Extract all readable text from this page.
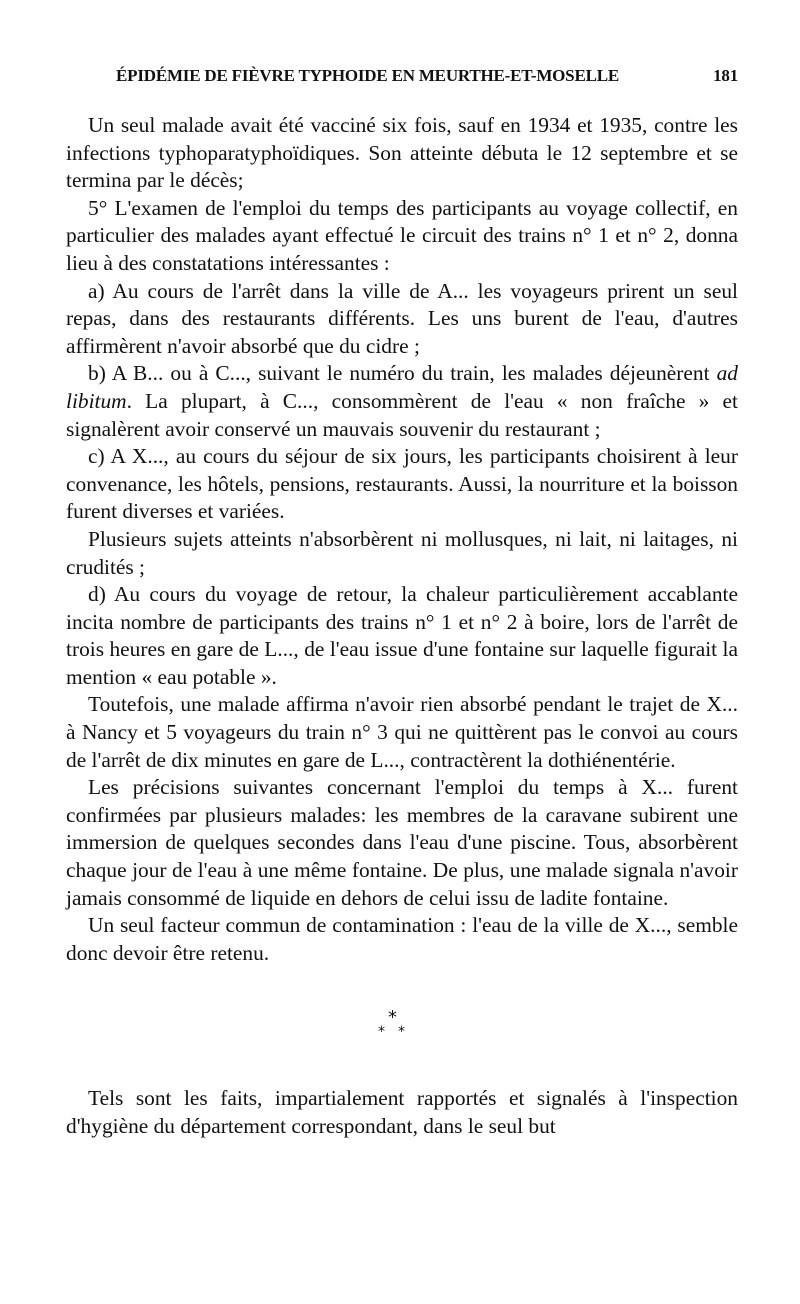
ÉPIDÉMIE DE FIÈVRE TYPHOIDE EN MEURTHE-ET-MOSELLE	181

Un seul malade avait été vacciné six fois, sauf en 1934 et 1935, contre les infections typhoparatyphoïdiques. Son atteinte débuta le 12 septembre et se termina par le décès;

5° L'examen de l'emploi du temps des participants au voyage collectif, en particulier des malades ayant effectué le circuit des trains n° 1 et n° 2, donna lieu à des constatations intéressantes :

a) Au cours de l'arrêt dans la ville de A... les voyageurs prirent un seul repas, dans des restaurants différents. Les uns burent de l'eau, d'autres affirmèrent n'avoir absorbé que du cidre ;

b) A B... ou à C..., suivant le numéro du train, les malades déjeunèrent ad libitum. La plupart, à C..., consommèrent de l'eau « non fraîche » et signalèrent avoir conservé un mauvais souvenir du restaurant ;

c) A X..., au cours du séjour de six jours, les participants choisirent à leur convenance, les hôtels, pensions, restaurants. Aussi, la nourriture et la boisson furent diverses et variées.

Plusieurs sujets atteints n'absorbèrent ni mollusques, ni lait, ni laitages, ni crudités ;

d) Au cours du voyage de retour, la chaleur particulièrement accablante incita nombre de participants des trains n° 1 et n° 2 à boire, lors de l'arrêt de trois heures en gare de L..., de l'eau issue d'une fontaine sur laquelle figurait la mention « eau potable ».

Toutefois, une malade affirma n'avoir rien absorbé pendant le trajet de X... à Nancy et 5 voyageurs du train n° 3 qui ne quittèrent pas le convoi au cours de l'arrêt de dix minutes en gare de L..., contractèrent la dothiénentérie.

Les précisions suivantes concernant l'emploi du temps à X... furent confirmées par plusieurs malades: les membres de la caravane subirent une immersion de quelques secondes dans l'eau d'une piscine. Tous, absorbèrent chaque jour de l'eau à une même fontaine. De plus, une malade signala n'avoir jamais consommé de liquide en dehors de celui issu de ladite fontaine.

Un seul facteur commun de contamination : l'eau de la ville de X..., semble donc devoir être retenu.

*
* *

Tels sont les faits, impartialement rapportés et signalés à l'inspection d'hygiène du département correspondant, dans le seul but
